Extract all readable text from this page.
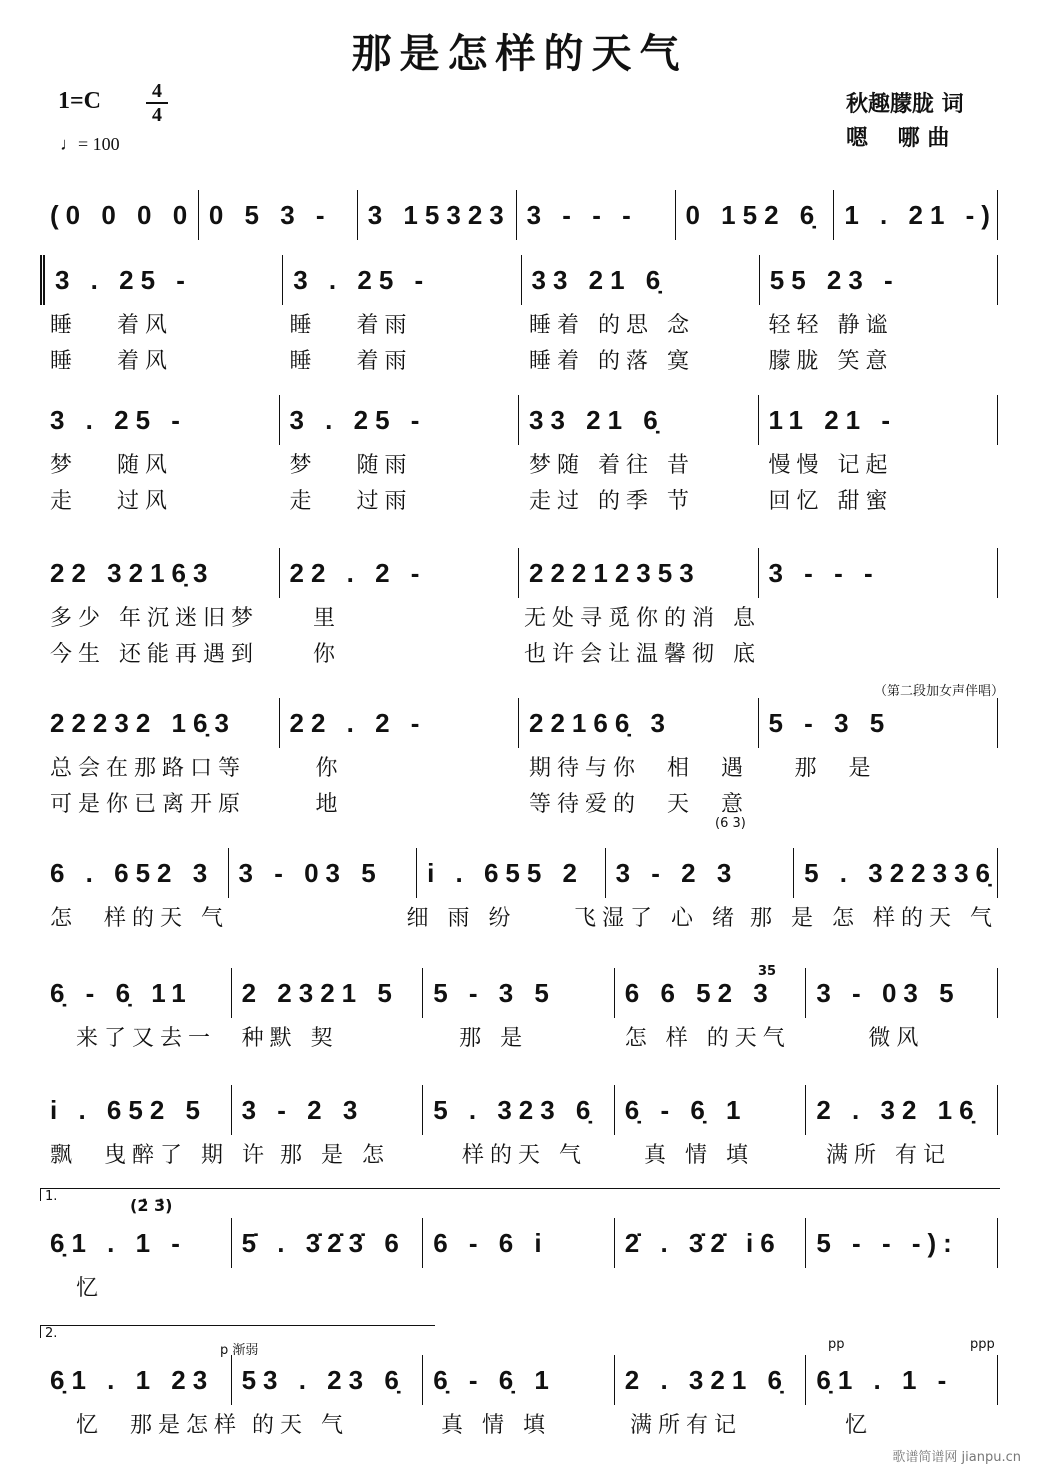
那是怎样的天气
1=C	4
4
♩= 100
秋趣朦胧 词
嗯　 哪 曲
(0 0 0 0 0 5 3 -	3 15323 3 - - -	0 152 6̣ 1 . 21 -)
3 . 25 -	3 . 25 -	33 21 6̣	55 23 -
睡   着风	睡   着雨	睡着 的思 念	轻轻 静谧
睡   着风	睡   着雨	睡着 的落 寞	朦胧 笑意
3 . 25 -	3 . 25 -	33 21 6̣	11 21 -
梦   随风	梦   随雨	梦随 着往 昔	慢慢 记起
走   过风	走   过雨	走过 的季 节	回忆 甜蜜
22 3216̣3	22 . 2 -	22212353	3 - - -
多少 年沉迷旧梦	里	无处寻觅你的消 息
今生 还能再遇到	你	也许会让温馨彻 底
22232 16̣3	22 . 2 -	22166̣ 3	5 - 3 5
总会在那路口等	你	期待与你  相  遇 那  是
可是你已离开原	地	等待爱的  天  意
（第二段加女声伴唱）
(6 3)
6 . 652 3 3 - 03 5	i . 655 2	3 - 2 3	5 . 322336̣
怎  样的天 气	细 雨 纷	飞湿了 心 绪 那 是 怎 样的天 气
6̣ - 6̣ 11	2 2321 5	5 - 3 5	6 6 52 3	3 - 03 5
来了又去一	种默 契	那 是	怎 样 的天气	微风
35
i . 652 5	3 - 2 3	5 . 323 6̣	6̣ - 6̣ 1	2 . 32 16̣
飘  曳醉了 期 许 那 是 怎	样的天 气	真 情 填	满所 有记
6̣1 . 1 -	5̇ . 3̇2̇3̇ 6	6 - 6 i	2̇ . 3̇2̇ i6	5 - - -):
忆
(2̇ 3̇)
1.
6̣1 . 1 23	53 . 23 6̣	6̣ - 6̣ 1	2 . 321 6̣	6̣1 . 1 -
忆  那是怎样 的天 气	真 情 填	满所有记	忆
2.
p 渐弱	pp	ppp
歌谱简谱网 jianpu.cn
